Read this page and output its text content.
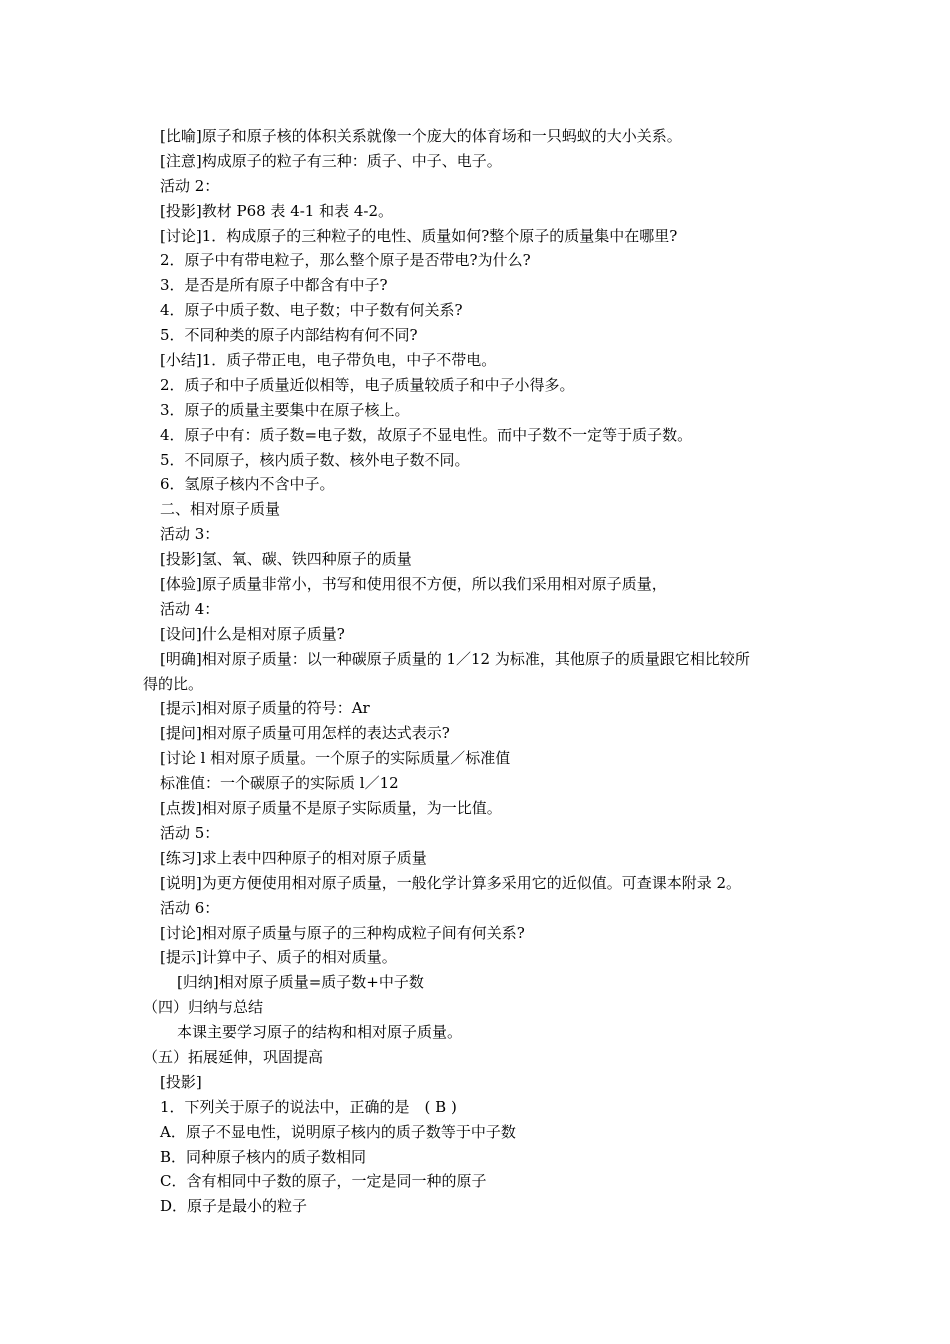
[比喻]原子和原子核的体积关系就像一个庞大的体育场和一只蚂蚁的大小关系。
[注意]构成原子的粒子有三种：质子、中子、电子。
活动 2：
[投影]教材 P68 表 4-1 和表 4-2。
[讨论]1．构成原子的三种粒子的电性、质量如何?整个原子的质量集中在哪里?
2．原子中有带电粒子，那么整个原子是否带电?为什么?
3．是否是所有原子中都含有中子?
4．原子中质子数、电子数；中子数有何关系?
5．不同种类的原子内部结构有何不同?
[小结]1．质子带正电，电子带负电，中子不带电。
2．质子和中子质量近似相等，电子质量较质子和中子小得多。
3．原子的质量主要集中在原子核上。
4．原子中有：质子数=电子数，故原子不显电性。而中子数不一定等于质子数。
5．不同原子，核内质子数、核外电子数不同。
6．氢原子核内不含中子。
二、相对原子质量
活动 3：
[投影]氢、氧、碳、铁四种原子的质量
[体验]原子质量非常小，书写和使用很不方便，所以我们采用相对原子质量，
活动 4：
[设问]什么是相对原子质量?
[明确]相对原子质量：以一种碳原子质量的 1／12 为标准，其他原子的质量跟它相比较所
得的比。
[提示]相对原子质量的符号：Ar
[提问]相对原子质量可用怎样的表达式表示?
[讨论 l 相对原子质量。一个原子的实际质量／标准值
标准值：一个碳原子的实际质 l／12
[点拨]相对原子质量不是原子实际质量，为一比值。
活动 5：
[练习]求上表中四种原子的相对原子质量
[说明]为更方便使用相对原子质量，一般化学计算多采用它的近似值。可查课本附录 2。
活动 6：
[讨论]相对原子质量与原子的三种构成粒子间有何关系?
[提示]计算中子、质子的相对质量。
[归纳]相对原子质量=质子数+中子数
（四）归纳与总结
本课主要学习原子的结构和相对原子质量。
（五）拓展延伸，巩固提高
[投影]
1．下列关于原子的说法中，正确的是　( B )
A．原子不显电性，说明原子核内的质子数等于中子数
B．同种原子核内的质子数相同
C．含有相同中子数的原子，一定是同一种的原子
D．原子是最小的粒子
